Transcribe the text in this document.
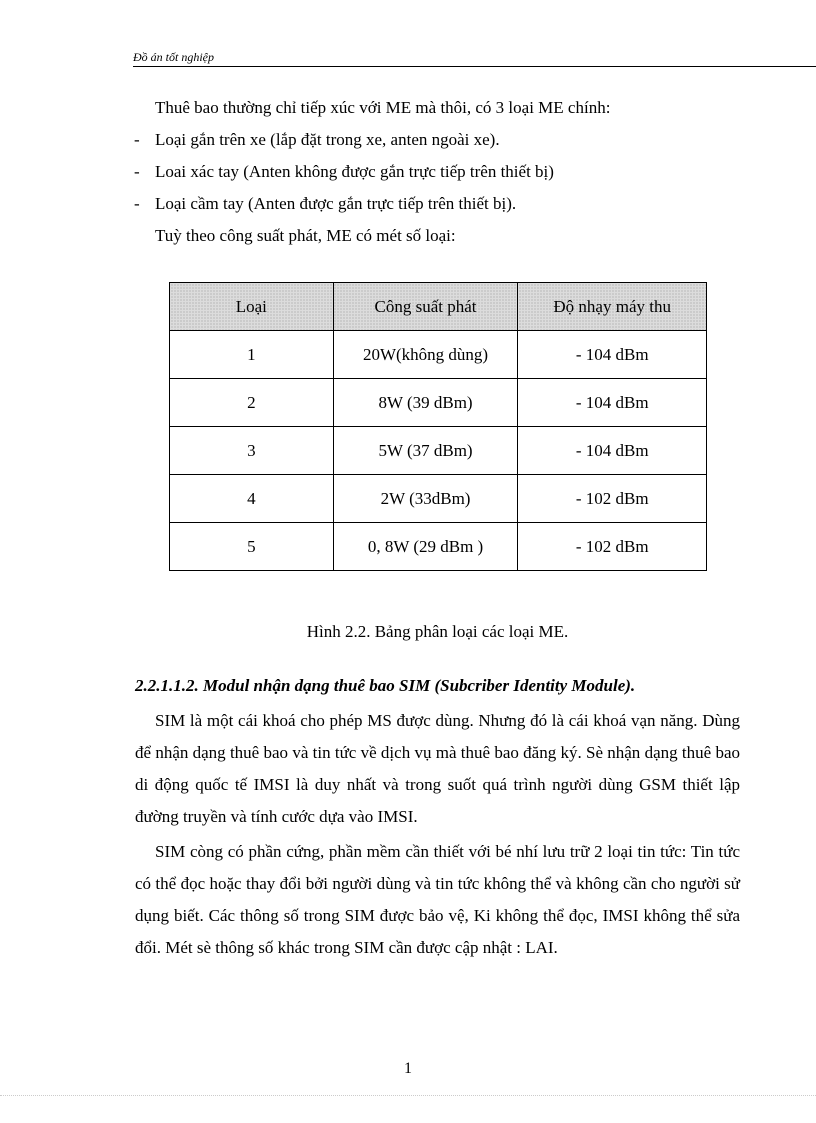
Đồ án tốt nghiệp
Thuê bao thường chỉ tiếp xúc với ME mà thôi, có 3 loại ME chính:
- Loại gắn trên xe (lắp đặt trong xe, anten ngoài xe).
- Loai xác tay (Anten không được gắn trực tiếp trên thiết bị)
- Loại cầm tay (Anten được gắn trực tiếp trên thiết bị).
Tuỳ theo công suất phát, ME có mét số loại:
Loại	Công suất phát	Độ nhạy máy thu
1	20W(không dùng)	- 104 dBm
2	8W (39 dBm)	- 104 dBm
3	5W (37 dBm)	- 104 dBm
4	2W (33dBm)	- 102 dBm
5	0, 8W (29 dBm )	- 102 dBm
Hình 2.2. Bảng phân loại các loại ME.
2.2.1.1.2. Modul nhận dạng thuê bao SIM (Subcriber Identity Module).
SIM là một cái khoá cho phép MS được dùng. Nhưng đó là cái khoá vạn năng. Dùng để nhận dạng thuê bao và tin tức về dịch vụ mà thuê bao đăng ký. Sè nhận dạng thuê bao di động quốc tế IMSI là duy nhất và trong suốt quá trình người dùng GSM thiết lập đường truyền và tính cước dựa vào IMSI.
SIM còng có phần cứng, phần mềm cần thiết với bé nhí lưu trữ 2 loại tin tức: Tin tức có thể đọc hoặc thay đổi bởi người dùng và tin tức không thể và không cần cho người sử dụng biết. Các thông số trong SIM được bảo vệ, Ki không thể đọc, IMSI không thể sửa đổi. Mét sè thông số khác trong SIM cần được cập nhật : LAI.
1
